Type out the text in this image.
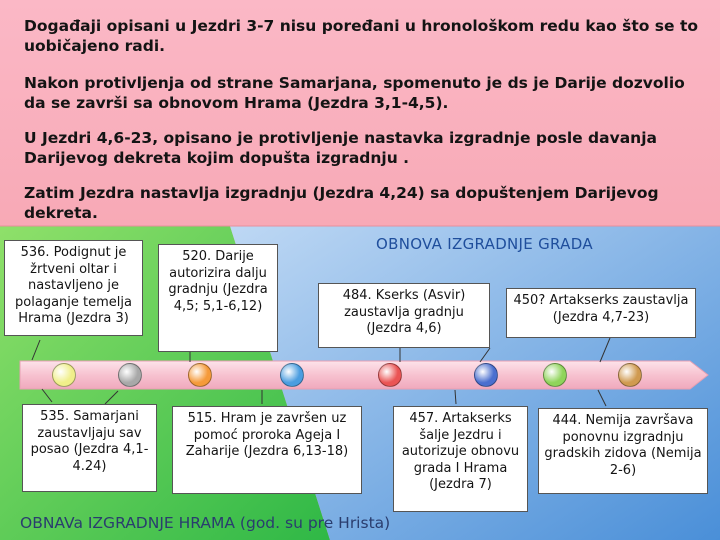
Događaji opisani u Jezdri 3-7 nisu poređani u hronološkom redu kao što se to uobičajeno radi.

Nakon protivljenja od strane Samarjana, spomenuto je ds je Darije dozvolio da se završi sa obnovom Hrama (Jezdra 3,1-4,5).

U Jezdri 4,6-23, opisano je protivljenje nastavka izgradnje posle davanja Darijevog dekreta kojim dopušta izgradnju .

Zatim Jezdra nastavlja izgradnju (Jezdra 4,24) sa dopuštenjem Darijevog dekreta.

OBNOVA IZGRADNJE GRADA
536. Podignut je žrtveni oltar i nastavljeno je polaganje temelja Hrama (Jezdra 3)
520. Darije autorizira dalju gradnju (Jezdra 4,5; 5,1-6,12)
484. Kserks (Asvir) zaustavlja gradnju (Jezdra 4,6)
450? Artakserks zaustavlja (Jezdra 4,7-23)
535. Samarjani zaustavljaju sav posao (Jezdra 4,1-4.24)
515. Hram je završen uz pomoć proroka Ageja I Zaharije (Jezdra 6,13-18)
457. Artakserks šalje Jezdru i autorizuje obnovu grada I Hrama (Jezdra 7)
444. Nemija završava ponovnu izgradnju gradskih zidova (Nemija 2-6)
OBNAVa IZGRADNJE HRAMA (god. su pre Hrista)
